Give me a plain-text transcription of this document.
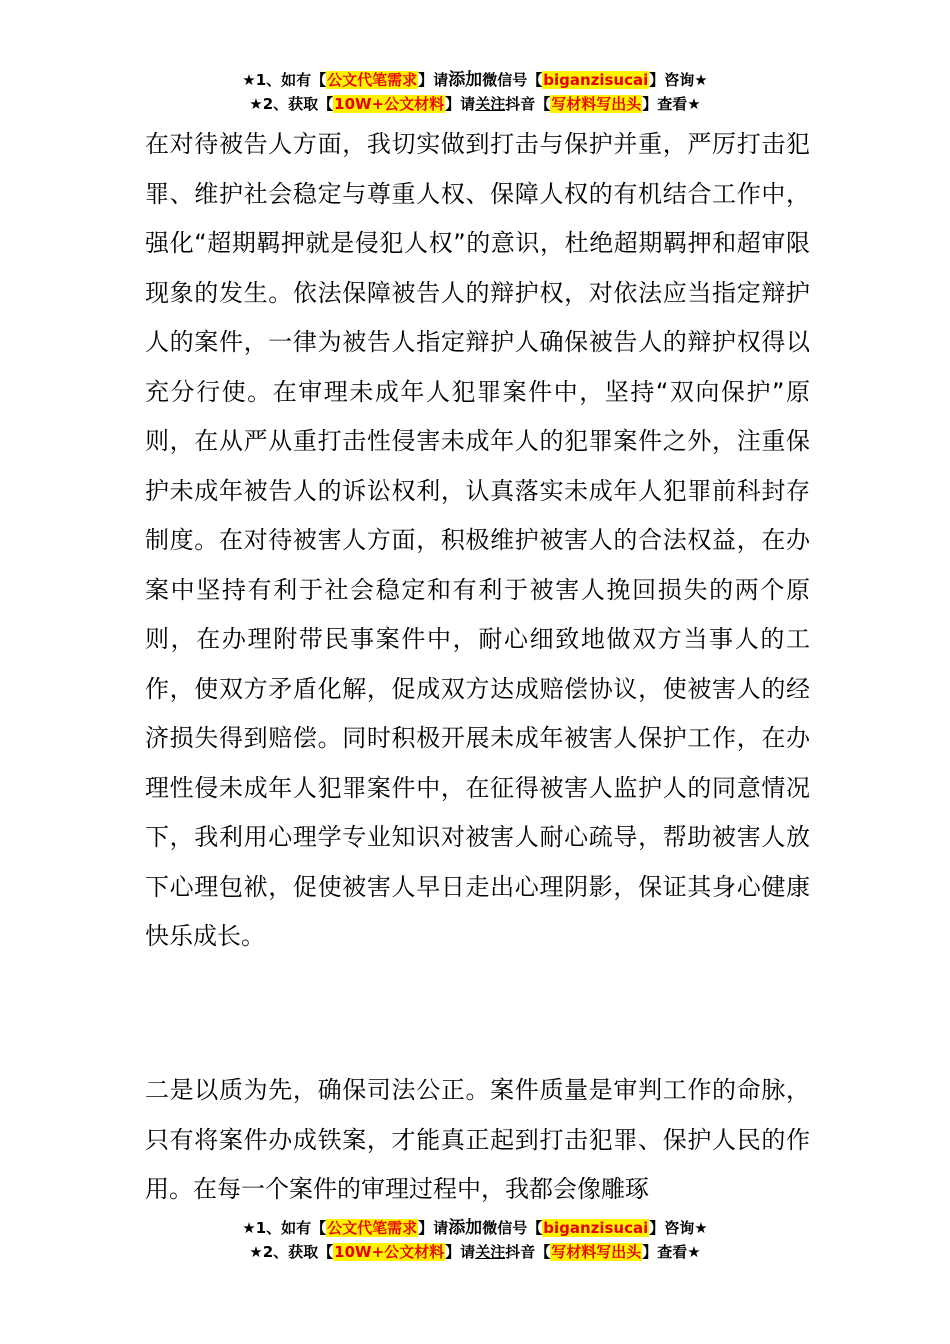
★1、如有【公文代笔需求】请添加微信号【biganzisucai】咨询★
★2、获取【10W+公文材料】请关注抖音【写材料写出头】查看★
在对待被告人方面，我切实做到打击与保护并重，严厉打击犯罪、维护社会稳定与尊重人权、保障人权的有机结合工作中，强化“超期羁押就是侵犯人权”的意识，杜绝超期羁押和超审限现象的发生。依法保障被告人的辩护权，对依法应当指定辩护人的案件，一律为被告人指定辩护人确保被告人的辩护权得以充分行使。在审理未成年人犯罪案件中，坚持“双向保护”原则，在从严从重打击性侵害未成年人的犯罪案件之外，注重保护未成年被告人的诉讼权利，认真落实未成年人犯罪前科封存制度。在对待被害人方面，积极维护被害人的合法权益，在办案中坚持有利于社会稳定和有利于被害人挽回损失的两个原则，在办理附带民事案件中，耐心细致地做双方当事人的工作，使双方矛盾化解，促成双方达成赔偿协议，使被害人的经济损失得到赔偿。同时积极开展未成年被害人保护工作，在办理性侵未成年人犯罪案件中，在征得被害人监护人的同意情况下，我利用心理学专业知识对被害人耐心疏导，帮助被害人放下心理包袱，促使被害人早日走出心理阴影，保证其身心健康快乐成长。
二是以质为先，确保司法公正。案件质量是审判工作的命脉，只有将案件办成铁案，才能真正起到打击犯罪、保护人民的作用。在每一个案件的审理过程中，我都会像雕琢
★1、如有【公文代笔需求】请添加微信号【biganzisucai】咨询★
★2、获取【10W+公文材料】请关注抖音【写材料写出头】查看★
